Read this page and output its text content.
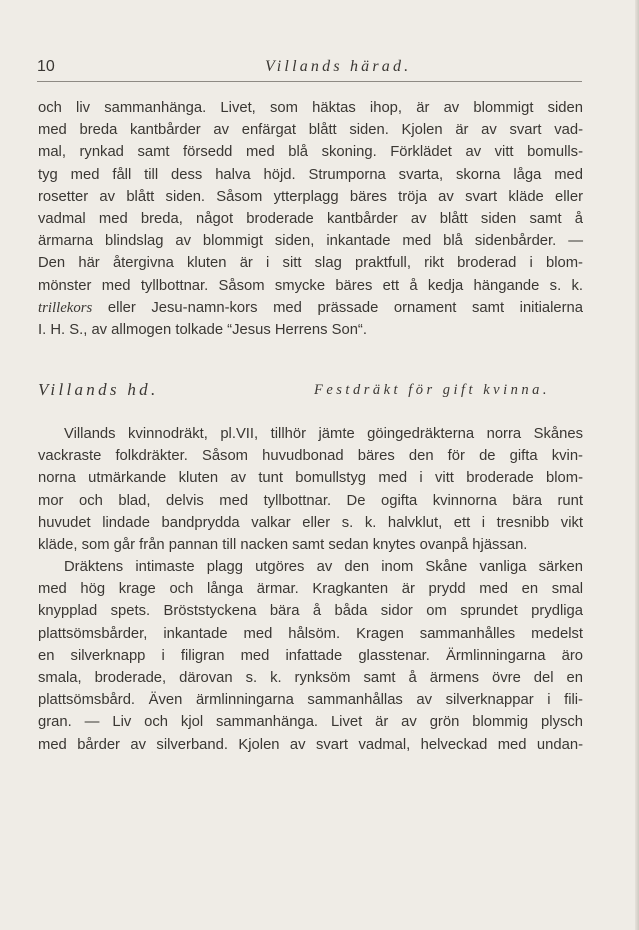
10	Villands härad.
och liv sammanhänga. Livet, som häktas ihop, är av blommigt siden
med breda kantbårder av enfärgat blått siden. Kjolen är av svart vad-
mal, rynkad samt försedd med blå skoning. Förklädet av vitt bomulls-
tyg med fåll till dess halva höjd. Strumporna svarta, skorna låga med
rosetter av blått siden. Såsom ytterplagg bäres tröja av svart kläde eller
vadmal med breda, något broderade kantbårder av blått siden samt å
ärmarna blindslag av blommigt siden, inkantade med blå sidenbårder. —
Den här återgivna kluten är i sitt slag praktfull, rikt broderad i blom-
mönster med tyllbottnar. Såsom smycke bäres ett å kedja hängande s. k.
trillekors eller Jesu-namn-kors med prässade ornament samt initialerna
I. H. S., av allmogen tolkade “Jesus Herrens Son“.
Villands hd.	Festdräkt för gift kvinna.
Villands kvinnodräkt, pl.VII, tillhör jämte göingedräkterna norra Skånes
vackraste folkdräkter. Såsom huvudbonad bäres den för de gifta kvin-
norna utmärkande kluten av tunt bomullstyg med i vitt broderade blom-
mor och blad, delvis med tyllbottnar. De ogifta kvinnorna bära runt
huvudet lindade bandprydda valkar eller s. k. halvklut, ett i tresnibb vikt
kläde, som går från pannan till nacken samt sedan knytes ovanpå hjässan.
Dräktens intimaste plagg utgöres av den inom Skåne vanliga särken
med hög krage och långa ärmar. Kragkanten är prydd med en smal
knypplad spets. Bröststyckena bära å båda sidor om sprundet prydliga
plattsömsbårder, inkantade med hålsöm. Kragen sammanhålles medelst
en silverknapp i filigran med infattade glasstenar. Ärmlinningarna äro
smala, broderade, därovan s. k. rynksöm samt å ärmens övre del en
plattsömsbård. Även ärmlinningarna sammanhållas av silverknappar i fili-
gran. — Liv och kjol sammanhänga. Livet är av grön blommig plysch
med bårder av silverband. Kjolen av svart vadmal, helveckad med undan-
